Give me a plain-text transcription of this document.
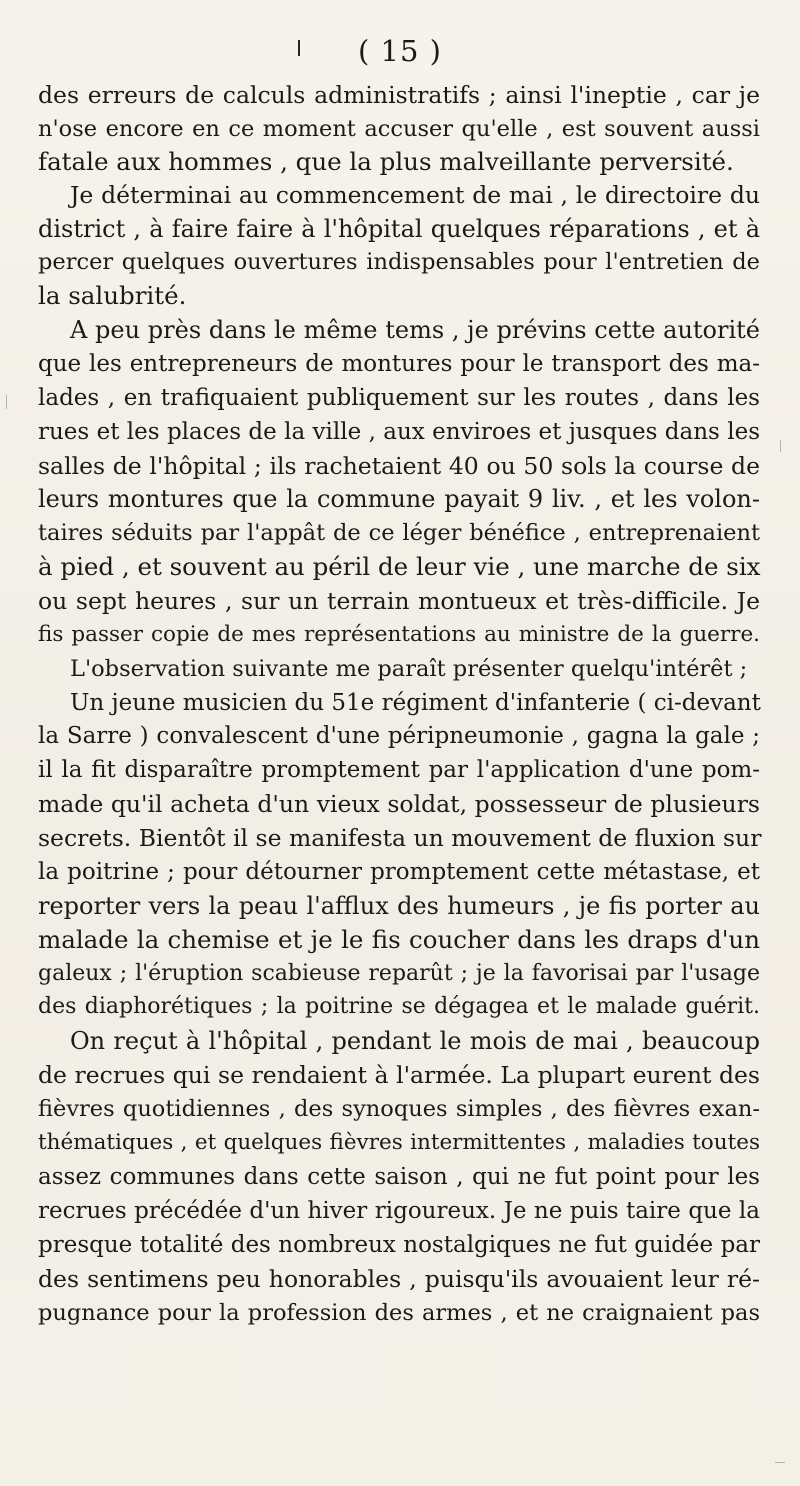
( 15 )
des erreurs de calculs administratifs ; ainsi l'ineptie , car je
n'ose encore en ce moment accuser qu'elle , est souvent aussi
fatale aux hommes , que la plus malveillante perversité.
Je déterminai au commencement de mai , le directoire du
district , à faire faire à l'hôpital quelques réparations , et à
percer quelques ouvertures indispensables pour l'entretien de
la salubrité.
A peu près dans le même tems , je prévins cette autorité
que les entrepreneurs de montures pour le transport des ma-
lades , en trafiquaient publiquement sur les routes , dans les
rues et les places de la ville , aux enviroes et jusques dans les
salles de l'hôpital ; ils rachetaient 40 ou 50 sols la course de
leurs montures que la commune payait 9 liv. , et les volon-
taires séduits par l'appât de ce léger bénéfice , entreprenaient
à pied , et souvent au péril de leur vie , une marche de six
ou sept heures , sur un terrain montueux et très-difficile. Je
fis passer copie de mes représentations au ministre de la guerre.
L'observation suivante me paraît présenter quelqu'intérêt ;
Un jeune musicien du 51e régiment d'infanterie ( ci-devant
la Sarre ) convalescent d'une péripneumonie , gagna la gale ;
il la fit disparaître promptement par l'application d'une pom-
made qu'il acheta d'un vieux soldat, possesseur de plusieurs
secrets. Bientôt il se manifesta un mouvement de fluxion sur
la poitrine ; pour détourner promptement cette métastase, et
reporter vers la peau l'afflux des humeurs , je fis porter au
malade la chemise et je le fis coucher dans les draps d'un
galeux ; l'éruption scabieuse reparût ; je la favorisai par l'usage
des diaphorétiques ; la poitrine se dégagea et le malade guérit.
On reçut à l'hôpital , pendant le mois de mai , beaucoup
de recrues qui se rendaient à l'armée. La plupart eurent des
fièvres quotidiennes , des synoques simples , des fièvres exan-
thématiques , et quelques fièvres intermittentes , maladies toutes
assez communes dans cette saison , qui ne fut point pour les
recrues précédée d'un hiver rigoureux. Je ne puis taire que la
presque totalité des nombreux nostalgiques ne fut guidée par
des sentimens peu honorables , puisqu'ils avouaient leur ré-
pugnance pour la profession des armes , et ne craignaient pas
